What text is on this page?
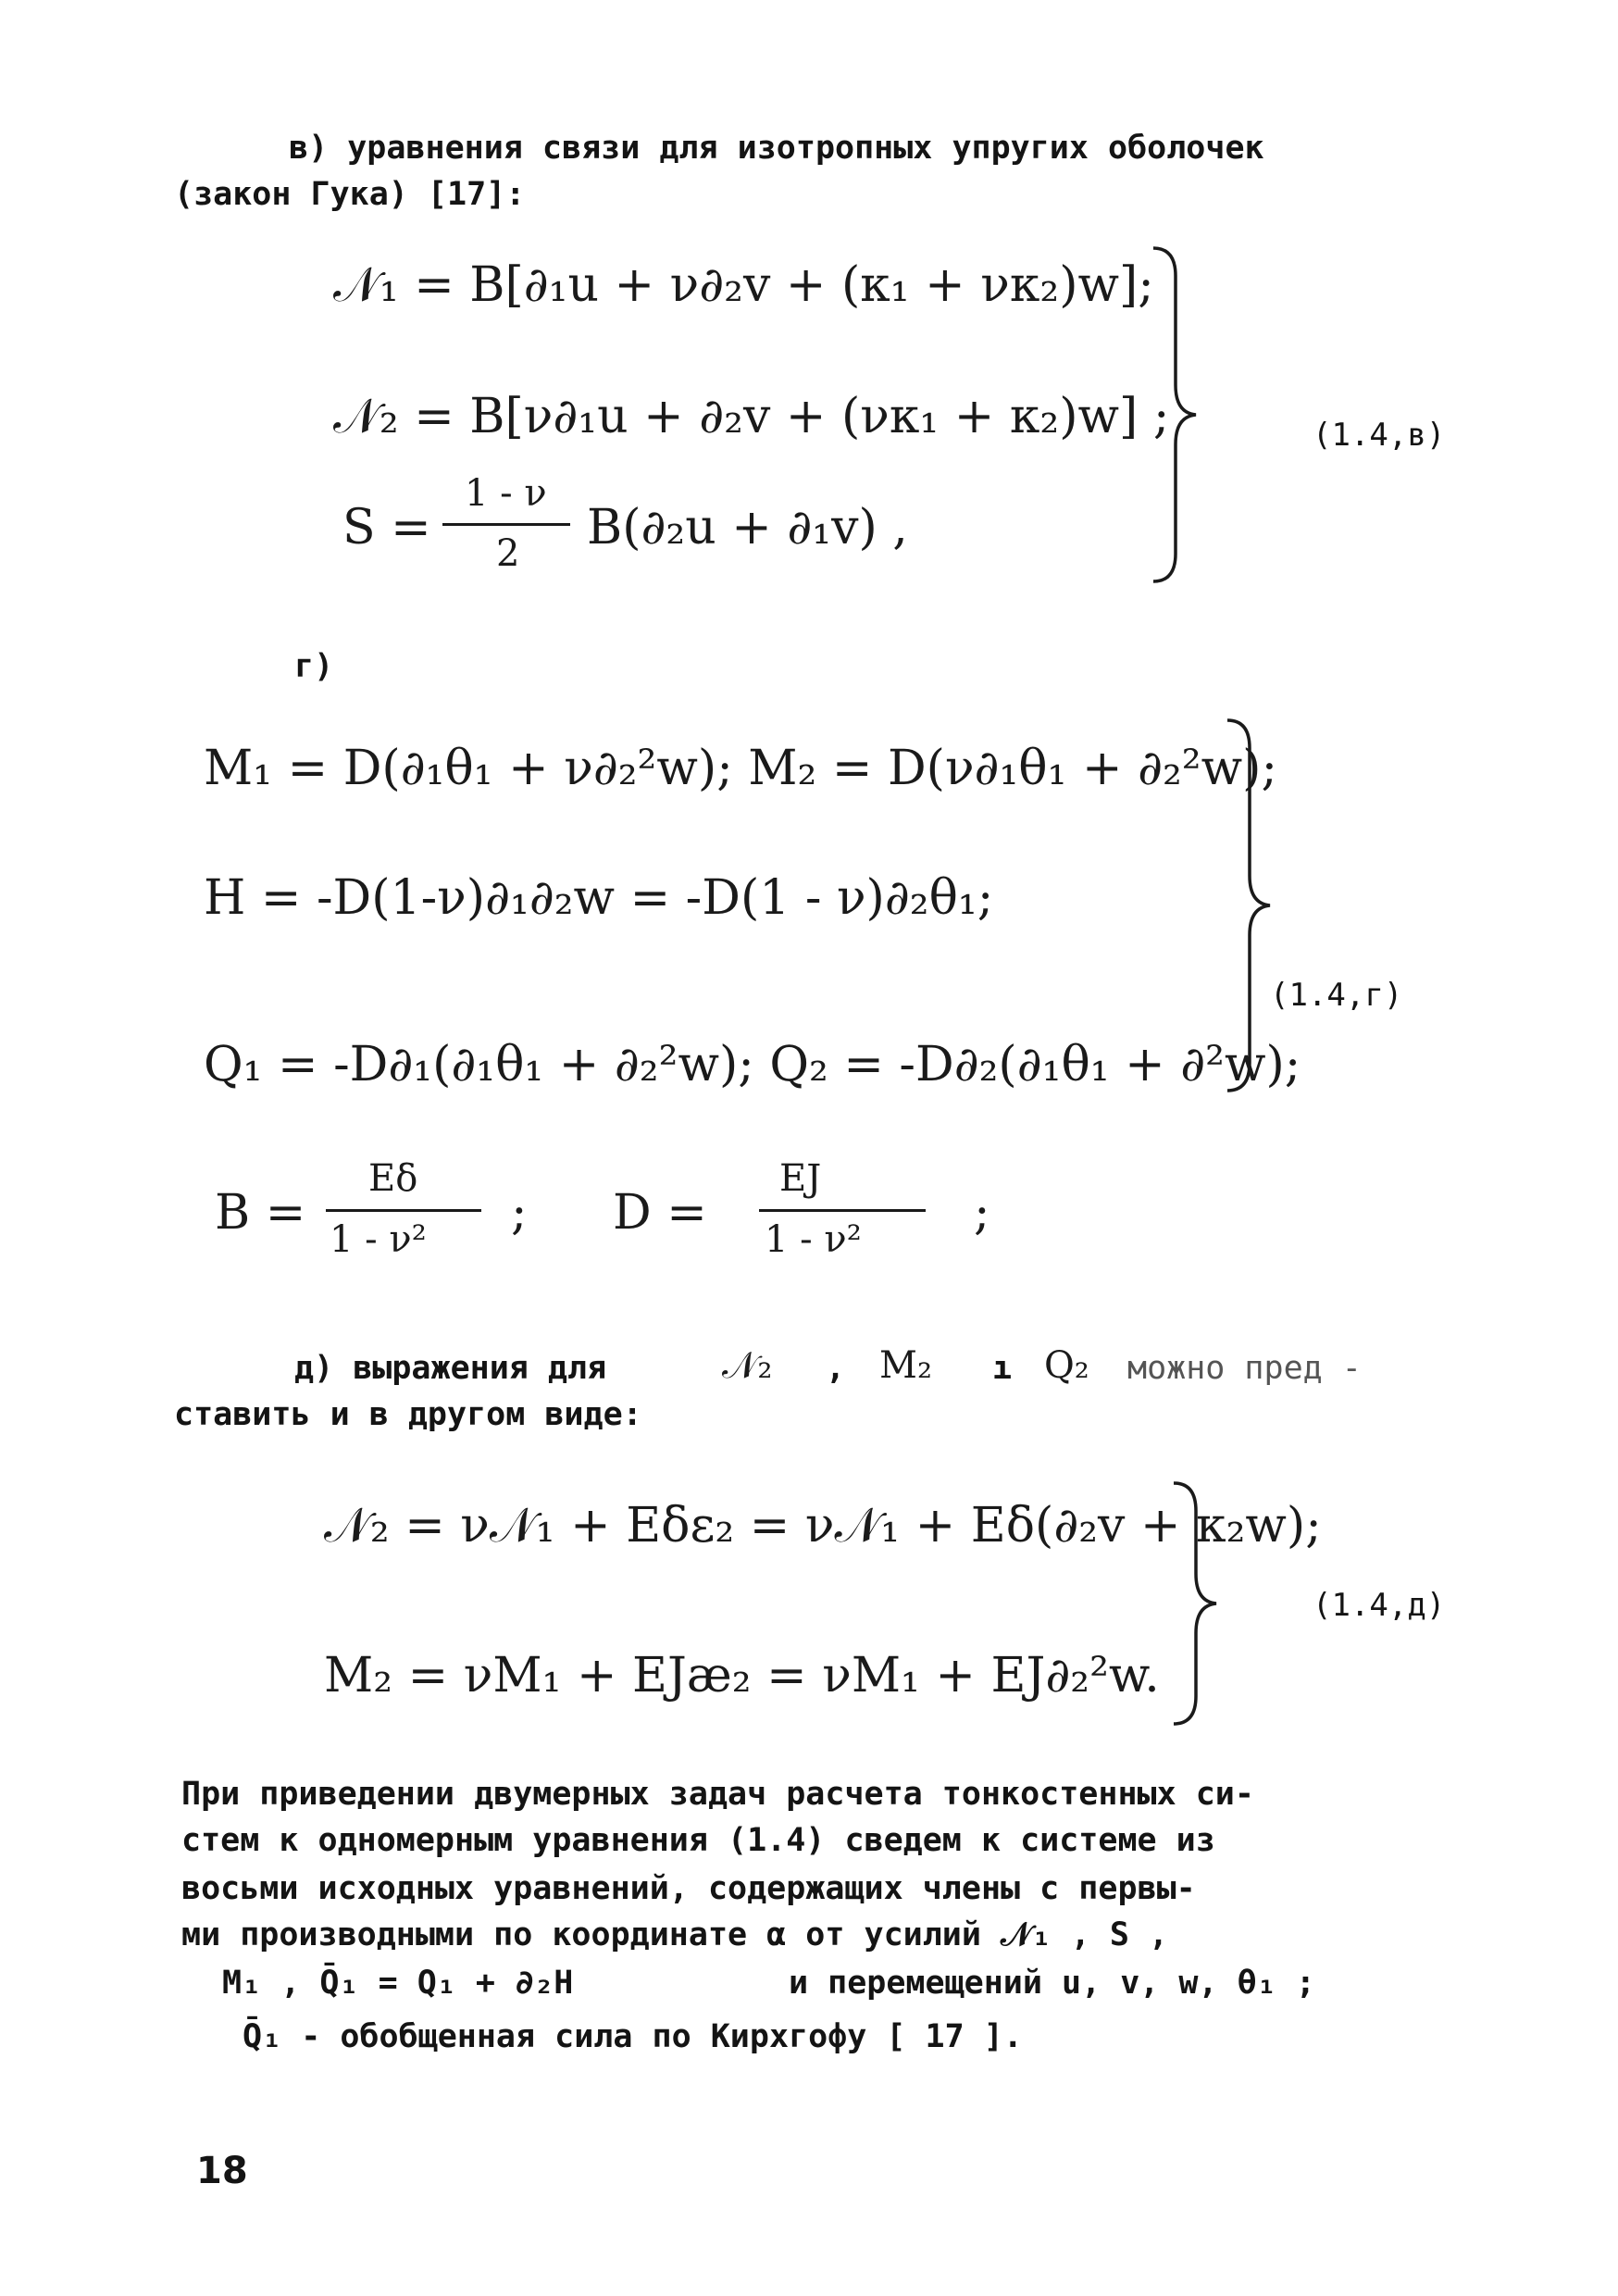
в) уравнения связи для изотропных упругих оболочек
(закон Гука) [17]:
𝒩₁ = B[∂₁u + ν∂₂v + (κ₁ + νκ₂)w];
𝒩₂ = B[ν∂₁u + ∂₂v + (νκ₁ + κ₂)w] ;
S =
1 - ν
2 B(∂₂u + ∂₁v) ,
(1.4,в)
г)
M₁ = D(∂₁θ₁ + ν∂₂²w); M₂ = D(ν∂₁θ₁ + ∂₂²w);
H = -D(1-ν)∂₁∂₂w = -D(1 - ν)∂₂θ₁;
Q₁ = -D∂₁(∂₁θ₁ + ∂₂²w); Q₂ = -D∂₂(∂₁θ₁ + ∂²w);
(1.4,г)
B =
Eδ
1 - ν² ; D =
EJ
1 - ν² ;
д) выражения для	𝒩₂ , M₂ ı Q₂ можно пред -
ставить и в другом виде:
𝒩₂ = ν𝒩₁ + Eδε₂ = ν𝒩₁ + Eδ(∂₂v + κ₂w);
M₂ = νM₁ + EJæ₂ = νM₁ + EJ∂₂²w.
(1.4,д)
При приведении двумерных задач расчета тонкостенных си-
стем к одномерным уравнения (1.4) сведем к системе из
восьми исходных уравнений, содержащих члены с первы-
ми производными по координате α от усилий 𝒩₁ , S ,
M₁ , Q̄₁ = Q₁ + ∂₂H	и перемещений u, v, w, θ₁ ;
Q̄₁ - обобщенная сила по Кирхгофу [ 17 ].
18
